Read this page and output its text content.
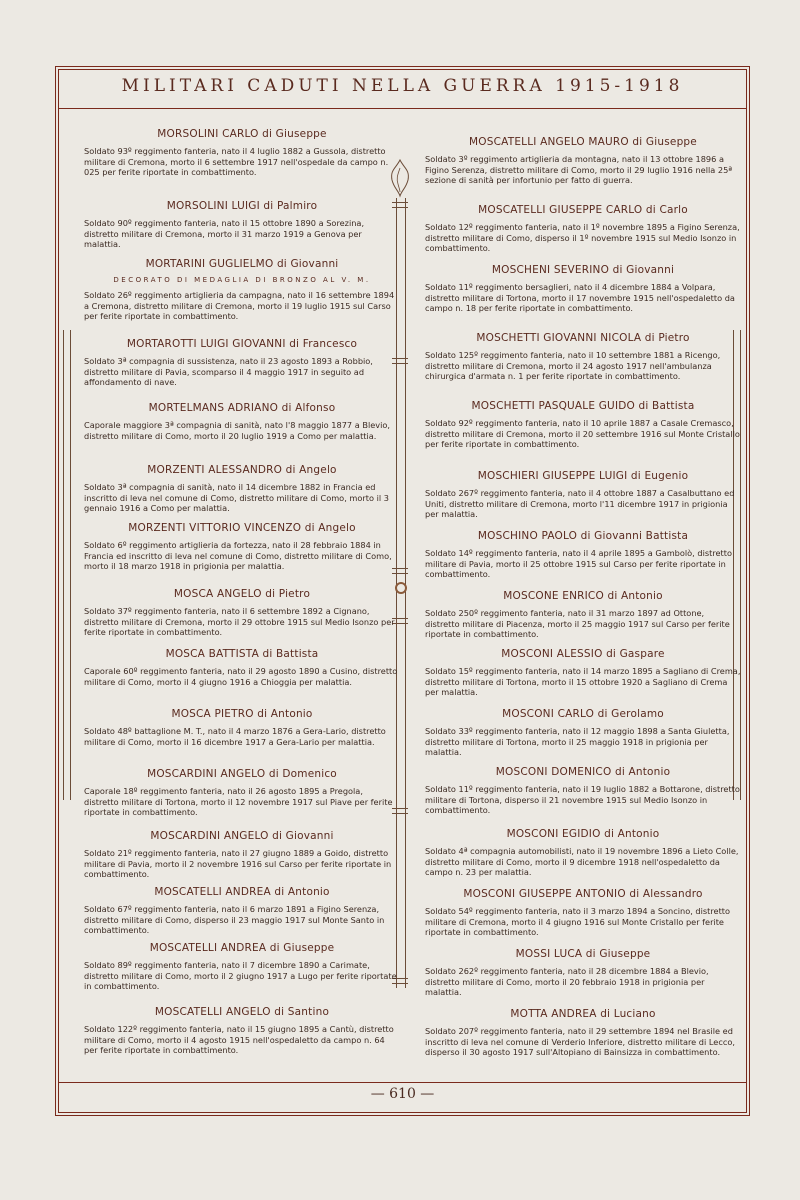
MILITARI CADUTI NELLA GUERRA 1915-1918
MORSOLINI CARLO di Giuseppe
Soldato 93º reggimento fanteria, nato il 4 luglio 1882 a Gussola, distretto militare di Cremona, morto il 6 settembre 1917 nell'ospedale da campo n. 025 per ferite riportate in combattimento.
MORSOLINI LUIGI di Palmiro
Soldato 90º reggimento fanteria, nato il 15 ottobre 1890 a Sorezina, distretto militare di Cremona, morto il 31 marzo 1919 a Genova per malattia.
MORTARINI GUGLIELMO di Giovanni
DECORATO DI MEDAGLIA DI BRONZO AL V. M.
Soldato 26º reggimento artiglieria da campagna, nato il 16 settembre 1894 a Cremona, distretto militare di Cremona, morto il 19 luglio 1915 sul Carso per ferite riportate in combattimento.
MORTAROTTI LUIGI GIOVANNI di Francesco
Soldato 3ª compagnia di sussistenza, nato il 23 agosto 1893 a Robbio, distretto militare di Pavia, scomparso il 4 maggio 1917 in seguito ad affondamento di nave.
MORTELMANS ADRIANO di Alfonso
Caporale maggiore 3ª compagnia di sanità, nato l'8 maggio 1877 a Blevio, distretto militare di Como, morto il 20 luglio 1919 a Como per malattia.
MORZENTI ALESSANDRO di Angelo
Soldato 3ª compagnia di sanità, nato il 14 dicembre 1882 in Francia ed inscritto di leva nel comune di Como, distretto militare di Como, morto il 3 gennaio 1916 a Como per malattia.
MORZENTI VITTORIO VINCENZO di Angelo
Soldato 6º reggimento artiglieria da fortezza, nato il 28 febbraio 1884 in Francia ed inscritto di leva nel comune di Como, distretto militare di Como, morto il 18 marzo 1918 in prigionia per malattia.
MOSCA ANGELO di Pietro
Soldato 37º reggimento fanteria, nato il 6 settembre 1892 a Cignano, distretto militare di Cremona, morto il 29 ottobre 1915 sul Medio Isonzo per ferite riportate in combattimento.
MOSCA BATTISTA di Battista
Caporale 60º reggimento fanteria, nato il 29 agosto 1890 a Cusino, distretto militare di Como, morto il 4 giugno 1916 a Chioggia per malattia.
MOSCA PIETRO di Antonio
Soldato 48º battaglione M. T., nato il 4 marzo 1876 a Gera-Lario, distretto militare di Como, morto il 16 dicembre 1917 a Gera-Lario per malattia.
MOSCARDINI ANGELO di Domenico
Caporale 18º reggimento fanteria, nato il 26 agosto 1895 a Pregola, distretto militare di Tortona, morto il 12 novembre 1917 sul Piave per ferite riportate in combattimento.
MOSCARDINI ANGELO di Giovanni
Soldato 21º reggimento fanteria, nato il 27 giugno 1889 a Goido, distretto militare di Pavia, morto il 2 novembre 1916 sul Carso per ferite riportate in combattimento.
MOSCATELLI ANDREA di Antonio
Soldato 67º reggimento fanteria, nato il 6 marzo 1891 a Figino Serenza, distretto militare di Como, disperso il 23 maggio 1917 sul Monte Santo in combattimento.
MOSCATELLI ANDREA di Giuseppe
Soldato 89º reggimento fanteria, nato il 7 dicembre 1890 a Carimate, distretto militare di Como, morto il 2 giugno 1917 a Lugo per ferite riportate in combattimento.
MOSCATELLI ANGELO di Santino
Soldato 122º reggimento fanteria, nato il 15 giugno 1895 a Cantù, distretto militare di Como, morto il 4 agosto 1915 nell'ospedaletto da campo n. 64 per ferite riportate in combattimento.
MOSCATELLI ANGELO MAURO di Giuseppe
Soldato 3º reggimento artiglieria da montagna, nato il 13 ottobre 1896 a Figino Serenza, distretto militare di Como, morto il 29 luglio 1916 nella 25ª sezione di sanità per infortunio per fatto di guerra.
MOSCATELLI GIUSEPPE CARLO di Carlo
Soldato 12º reggimento fanteria, nato il 1º novembre 1895 a Figino Serenza, distretto militare di Como, disperso il 1º novembre 1915 sul Medio Isonzo in combattimento.
MOSCHENI SEVERINO di Giovanni
Soldato 11º reggimento bersaglieri, nato il 4 dicembre 1884 a Volpara, distretto militare di Tortona, morto il 17 novembre 1915 nell'ospedaletto da campo n. 18 per ferite riportate in combattimento.
MOSCHETTI GIOVANNI NICOLA di Pietro
Soldato 125º reggimento fanteria, nato il 10 settembre 1881 a Ricengo, distretto militare di Cremona, morto il 24 agosto 1917 nell'ambulanza chirurgica d'armata n. 1 per ferite riportate in combattimento.
MOSCHETTI PASQUALE GUIDO di Battista
Soldato 92º reggimento fanteria, nato il 10 aprile 1887 a Casale Cremasco, distretto militare di Cremona, morto il 20 settembre 1916 sul Monte Cristallo per ferite riportate in combattimento.
MOSCHIERI GIUSEPPE LUIGI di Eugenio
Soldato 267º reggimento fanteria, nato il 4 ottobre 1887 a Casalbuttano ed Uniti, distretto militare di Cremona, morto l'11 dicembre 1917 in prigionia per malattia.
MOSCHINO PAOLO di Giovanni Battista
Soldato 14º reggimento fanteria, nato il 4 aprile 1895 a Gambolò, distretto militare di Pavia, morto il 25 ottobre 1915 sul Carso per ferite riportate in combattimento.
MOSCONE ENRICO di Antonio
Soldato 250º reggimento fanteria, nato il 31 marzo 1897 ad Ottone, distretto militare di Piacenza, morto il 25 maggio 1917 sul Carso per ferite riportate in combattimento.
MOSCONI ALESSIO di Gaspare
Soldato 15º reggimento fanteria, nato il 14 marzo 1895 a Sagliano di Crema, distretto militare di Tortona, morto il 15 ottobre 1920 a Sagliano di Crema per malattia.
MOSCONI CARLO di Gerolamo
Soldato 33º reggimento fanteria, nato il 12 maggio 1898 a Santa Giuletta, distretto militare di Tortona, morto il 25 maggio 1918 in prigionia per malattia.
MOSCONI DOMENICO di Antonio
Soldato 11º reggimento fanteria, nato il 19 luglio 1882 a Bottarone, distretto militare di Tortona, disperso il 21 novembre 1915 sul Medio Isonzo in combattimento.
MOSCONI EGIDIO di Antonio
Soldato 4ª compagnia automobilisti, nato il 19 novembre 1896 a Lieto Colle, distretto militare di Como, morto il 9 dicembre 1918 nell'ospedaletto da campo n. 23 per malattia.
MOSCONI GIUSEPPE ANTONIO di Alessandro
Soldato 54º reggimento fanteria, nato il 3 marzo 1894 a Soncino, distretto militare di Cremona, morto il 4 giugno 1916 sul Monte Cristallo per ferite riportate in combattimento.
MOSSI LUCA di Giuseppe
Soldato 262º reggimento fanteria, nato il 28 dicembre 1884 a Blevio, distretto militare di Como, morto il 20 febbraio 1918 in prigionia per malattia.
MOTTA ANDREA di Luciano
Soldato 207º reggimento fanteria, nato il 29 settembre 1894 nel Brasile ed inscritto di leva nel comune di Verderio Inferiore, distretto militare di Lecco, disperso il 30 agosto 1917 sull'Altopiano di Bainsizza in combattimento.
— 610 —
